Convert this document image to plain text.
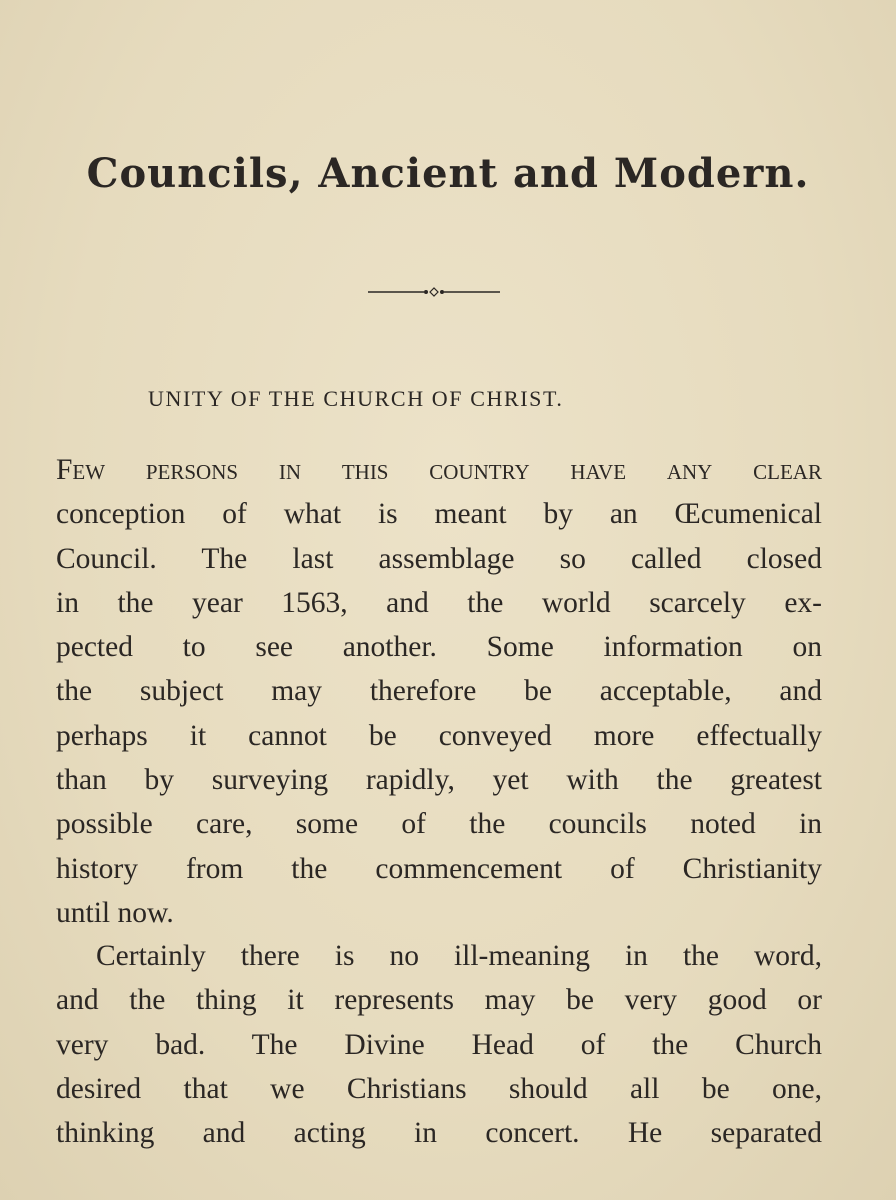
Councils, Ancient and Modern.
UNITY OF THE CHURCH OF CHRIST.
Few persons in this country have any clear
conception of what is meant by an Œcumenical
Council. The last assemblage so called closed
in the year 1563, and the world scarcely ex-
pected to see another. Some information on
the subject may therefore be acceptable, and
perhaps it cannot be conveyed more effectually
than by surveying rapidly, yet with the greatest
possible care, some of the councils noted in
history from the commencement of Christianity
until now.
Certainly there is no ill-meaning in the word,
and the thing it represents may be very good or
very bad. The Divine Head of the Church
desired that we Christians should all be one,
thinking and acting in concert. He separated
